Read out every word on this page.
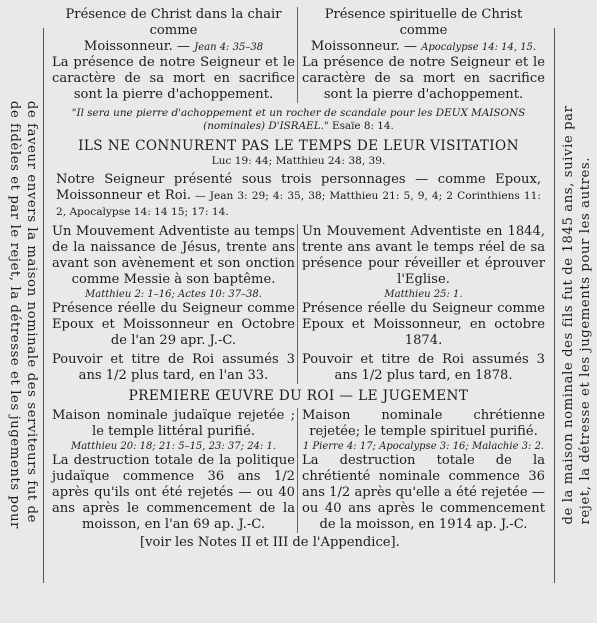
de faveur envers la maison nominale des serviteurs fut de
de fidèles et par le rejet, la détresse et les jugements pour	de la maison nominale des fils fut de 1845 ans, suivie par rejet, la détresse et les jugements pour les autres.
Présence de Christ dans la chair comme
Moissonneur. — Jean 4: 35–38
La présence de notre Seigneur et le caractère de sa mort en sacrifice sont la pierre d'achoppement.
Présence spirituelle de Christ comme
Moissonneur. — Apocalypse 14: 14, 15.
La présence de notre Seigneur et le caractère de sa mort en sacrifice sont la pierre d'achoppement.
"Il sera une pierre d'achoppement et un rocher de scandale pour les DEUX MAISONS (nominales) D'ISRAEL." Esaïe 8: 14.
ILS NE CONNURENT PAS LE TEMPS DE LEUR VISITATION
Luc 19: 44; Matthieu 24: 38, 39.
Notre Seigneur présenté sous trois personnages — comme Epoux, Moissonneur et Roi. — Jean 3: 29; 4: 35, 38; Matthieu 21: 5, 9, 4; 2 Corinthiens 11: 2, Apocalypse 14: 14 15; 17: 14.
Un Mouvement Adventiste au temps de la naissance de Jésus, trente ans avant son avènement et son onction comme Messie à son baptême.
Matthieu 2: 1–16; Actes 10: 37–38.
Présence réelle du Seigneur comme Epoux et Moissonneur en Octobre de l'an 29 apr. J.-C.
Pouvoir et titre de Roi assumés 3 ans 1/2 plus tard, en l'an 33.
Un Mouvement Adventiste en 1844, trente ans avant le temps réel de sa présence pour réveiller et éprouver l'Eglise.
Matthieu 25: 1.
Présence réelle du Seigneur comme Epoux et Moissonneur, en octobre 1874.
Pouvoir et titre de Roi assumés 3 ans 1/2 plus tard, en 1878.
PREMIERE ŒUVRE DU ROI — LE JUGEMENT
Maison nominale judaïque rejetée ; le temple littéral purifié.
Matthieu 20: 18; 21: 5–15, 23: 37; 24: 1.
La destruction totale de la politique judaïque commence 36 ans 1/2 après qu'ils ont été rejetés — ou 40 ans après le commencement de la moisson, en l'an 69 ap. J.-C.
Maison nominale chrétienne rejetée; le temple spirituel purifié.
1 Pierre 4: 17; Apocalypse 3: 16; Malachie 3: 2.
La destruction totale de la chrétienté nominale commence 36 ans 1/2 après qu'elle a été rejetée — ou 40 ans après le commencement de la moisson, en 1914 ap. J.-C.
[voir les Notes II et III de l'Appendice].
